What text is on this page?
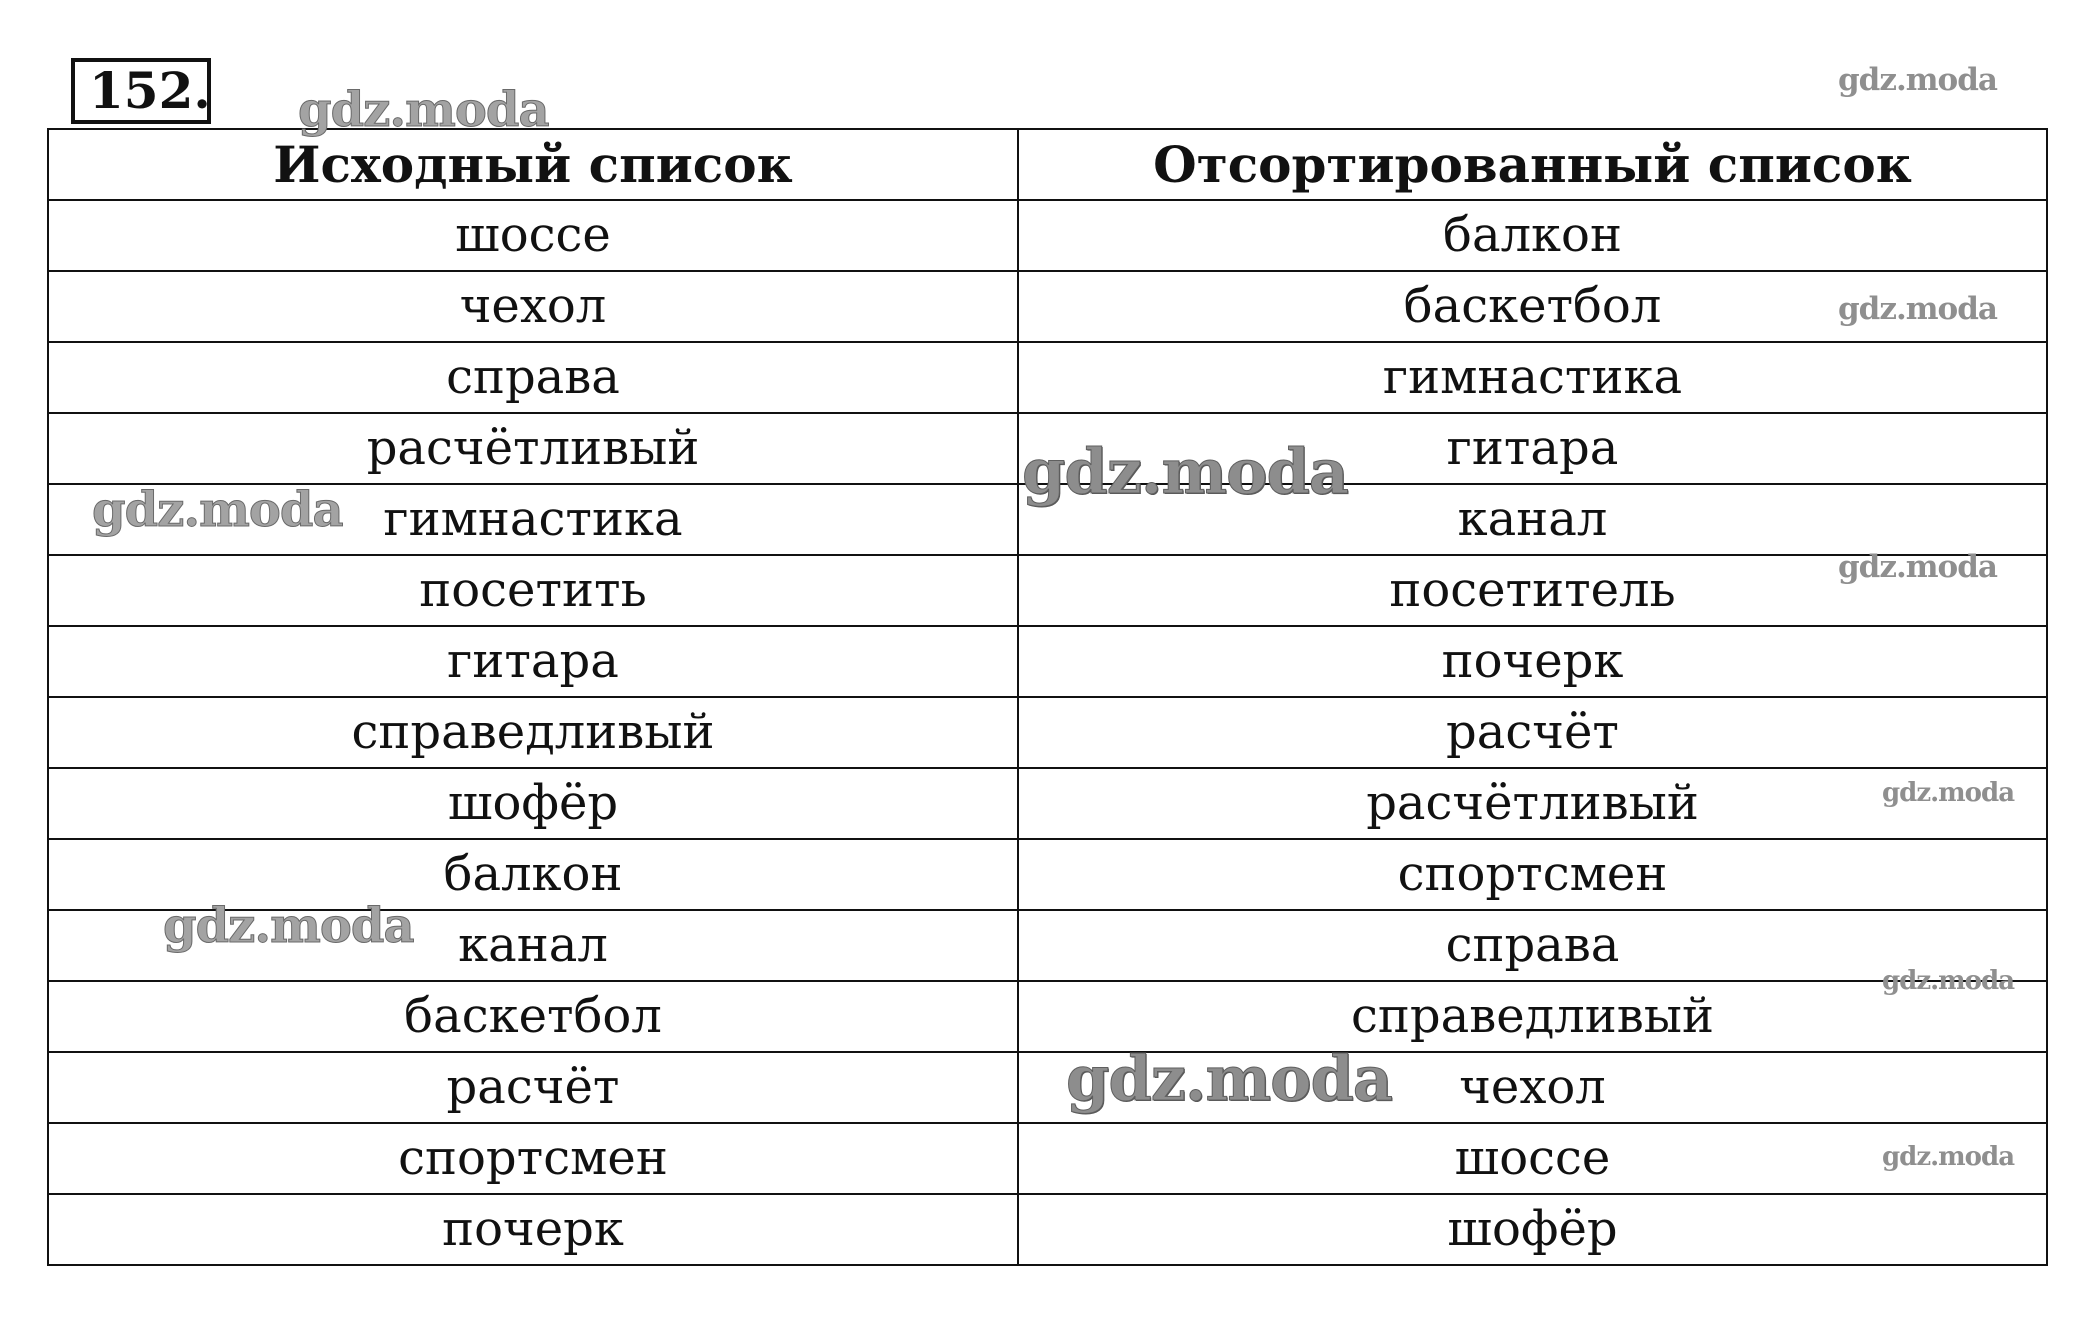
152.
Исходный список	Отсортированный список
шоссе	балкон
чехол	баскетбол
справа	гимнастика
расчётливый	гитара
гимнастика	канал
посетить	посетитель
гитара	почерк
справедливый	расчёт
шофёр	расчётливый
балкон	спортсмен
канал	справа
баскетбол	справедливый
расчёт	чехол
спортсмен	шоссе
почерк	шофёр
gdz.moda
gdz.moda
gdz.moda
gdz.moda
gdz.moda
gdz.moda
gdz.moda
gdz.moda
gdz.moda
gdz.moda
gdz.moda
